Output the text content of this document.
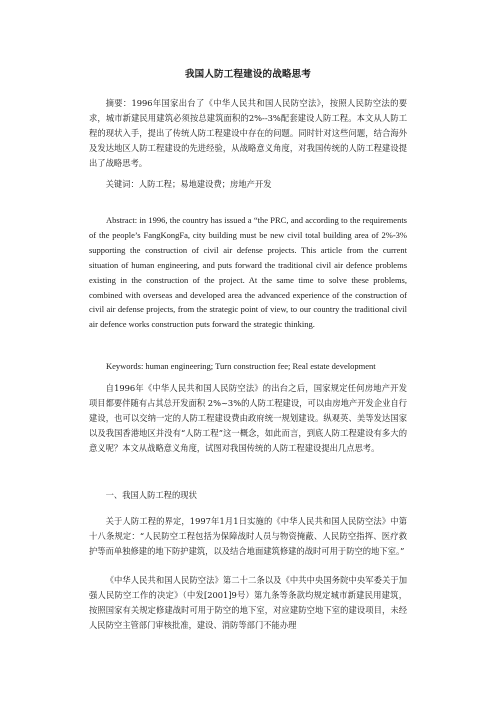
我国人防工程建设的战略思考

摘要：1996年国家出台了《中华人民共和国人民防空法》，按照人民防空法的要求，城市新建民用建筑必须按总建筑面积的2%--3%配套建设人防工程。本文从人防工程的现状入手，提出了传统人防工程建设中存在的问题。同时针对这些问题，结合海外及发达地区人防工程建设的先进经验，从战略意义角度，对我国传统的人防工程建设提出了战略思考。

关键词：人防工程；易地建设费；房地产开发

Abstract: in 1996, the country has issued a “the PRC, and according to the requirements of the people’s FangKongFa, city building must be new civil total building area of 2%-3% supporting the construction of civil air defense projects. This article from the current situation of human engineering, and puts forward the traditional civil air defence problems existing in the construction of the project. At the same time to solve these problems, combined with overseas and developed area the advanced experience of the construction of civil air defense projects, from the strategic point of view, to our country the traditional civil air defence works construction puts forward the strategic thinking.

Keywords: human engineering; Turn construction fee; Real estate development

自1996年《中华人民共和国人民防空法》的出台之后，国家规定任何房地产开发项目都要伴随有占其总开发面积 2%~3%的人防工程建设，可以由房地产开发企业自行建设，也可以交纳一定的人防工程建设费由政府统一规划建设。纵观英、美等发达国家以及我国香港地区并没有“人防工程”这一概念，如此而言，到底人防工程建设有多大的意义呢？本文从战略意义角度，试图对我国传统的人防工程建设提出几点思考。

一、我国人防工程的现状

关于人防工程的界定，1997年1月1日实施的《中华人民共和国人民防空法》中第十八条规定：“人民防空工程包括为保障战时人员与物资掩蔽、人民防空指挥、医疗救护等而单独修建的地下防护建筑，以及结合地面建筑修建的战时可用于防空的地下室。”

《中华人民共和国人民防空法》第二十二条以及《中共中央国务院中央军委关于加强人民防空工作的决定》（中发[2001]9号）第九条等条款均规定城市新建民用建筑，按照国家有关规定修建战时可用于防空的地下室，对应建防空地下室的建设项目，未经人民防空主管部门审核批准，建设、消防等部门不能办理
